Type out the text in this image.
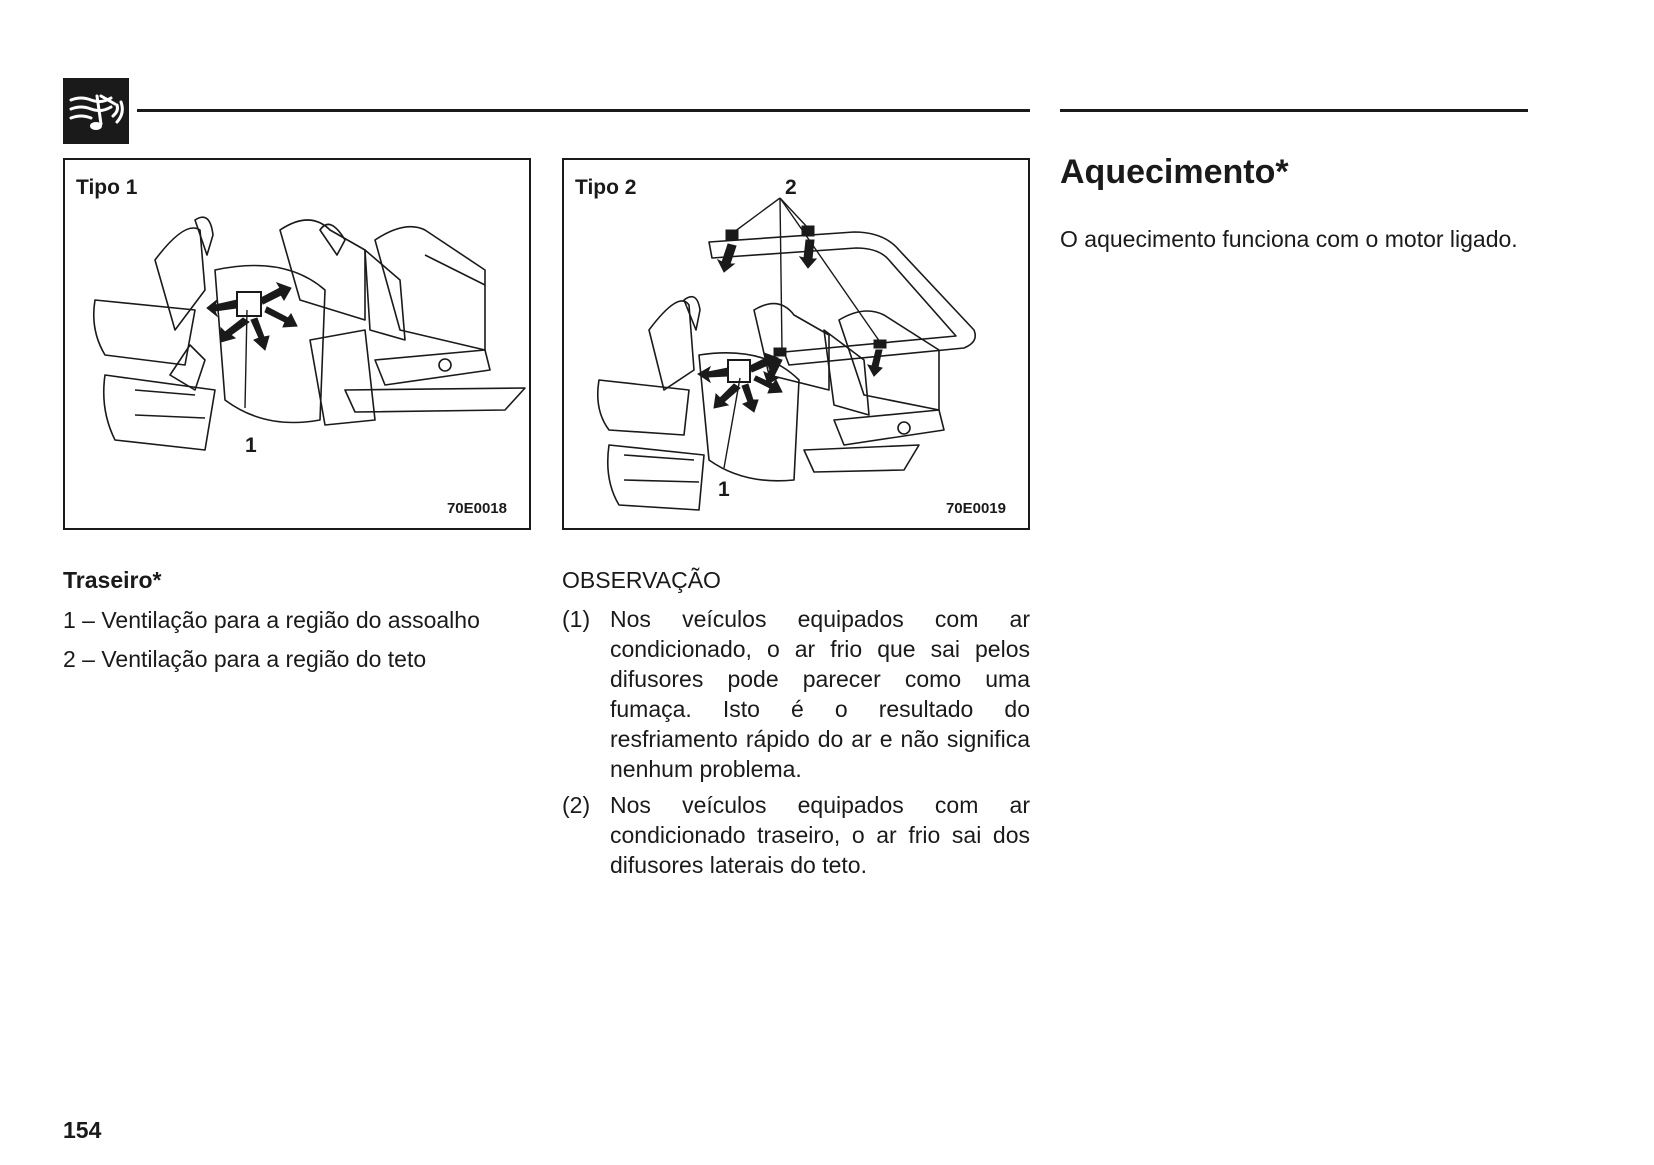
Tipo 1
1
70E0018
Tipo 2	2
1
70E0019
Traseiro*
1 – Ventilação para a região do assoalho
2 – Ventilação para a região do teto
OBSERVAÇÃO
(1) Nos veículos equipados com ar condicionado, o ar frio que sai pelos difusores pode parecer como uma fumaça. Isto é o resultado do resfriamento rápido do ar e não significa nenhum problema.
(2) Nos veículos equipados com ar condicionado traseiro, o ar frio sai dos difusores laterais do teto.
Aquecimento*
O aquecimento funciona com o motor ligado.
154
